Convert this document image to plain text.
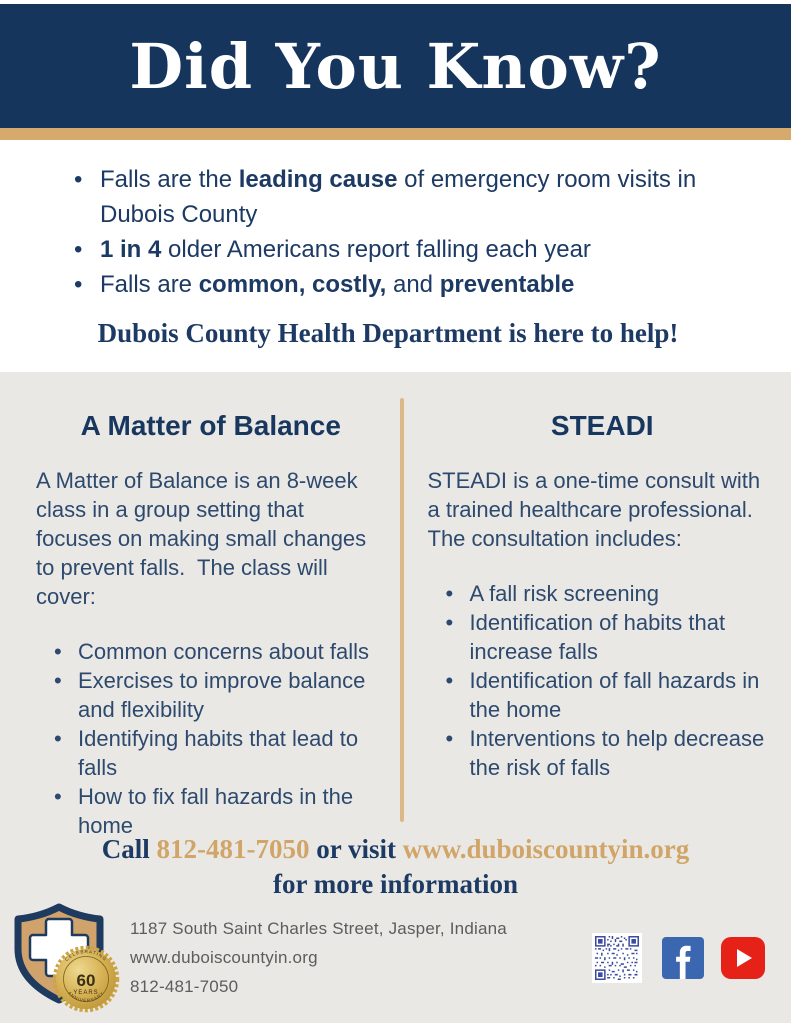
Did You Know?
• Falls are the leading cause of emergency room visits in Dubois County
• 1 in 4 older Americans report falling each year
• Falls are common, costly, and preventable
Dubois County Health Department is here to help!
A Matter of Balance

A Matter of Balance is an 8-week class in a group setting that focuses on making small changes to prevent falls.  The class will cover:

• Common concerns about falls
• Exercises to improve balance and flexibility
• Identifying habits that lead to falls
• How to fix fall hazards in the home
STEADI

STEADI is a one-time consult with a trained healthcare professional. The consultation includes:

• A fall risk screening
• Identification of habits that increase falls
• Identification of fall hazards in the home
• Interventions to help decrease the risk of falls
Call 812-481-7050 or visit www.duboiscountyin.org
for more information
60
YEARS
CELEBRATING
ANNIVERSARY
1187 South Saint Charles Street, Jasper, Indiana
www.duboiscountyin.org
812-481-7050
